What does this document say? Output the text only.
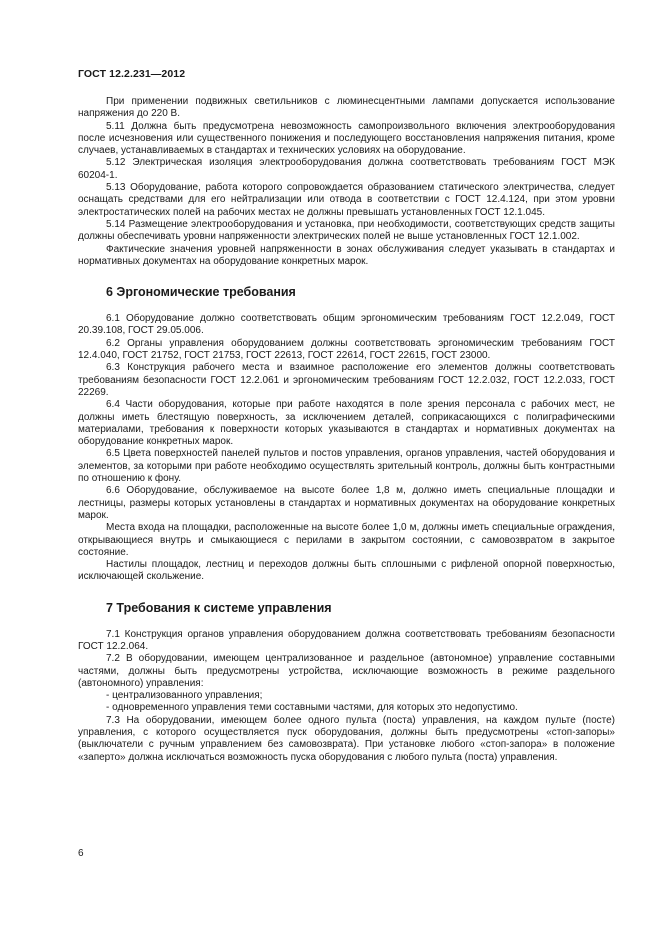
ГОСТ 12.2.231—2012

При применении подвижных светильников с люминесцентными лампами допускается использование напряжения до 220 В.

5.11 Должна быть предусмотрена невозможность самопроизвольного включения электрооборудования после исчезновения или существенного понижения и последующего восстановления напряжения питания, кроме случаев, устанавливаемых в стандартах и технических условиях на оборудование.

5.12 Электрическая изоляция электрооборудования должна соответствовать требованиям ГОСТ МЭК 60204-1.

5.13 Оборудование, работа которого сопровождается образованием статического электричества, следует оснащать средствами для его нейтрализации или отвода в соответствии с ГОСТ 12.4.124, при этом уровни электростатических полей на рабочих местах не должны превышать установленных ГОСТ 12.1.045.

5.14 Размещение электрооборудования и установка, при необходимости, соответствующих средств защиты должны обеспечивать уровни напряженности электрических полей не выше установленных ГОСТ 12.1.002.

Фактические значения уровней напряженности в зонах обслуживания следует указывать в стандартах и нормативных документах на оборудование конкретных марок.

6 Эргономические требования

6.1 Оборудование должно соответствовать общим эргономическим требованиям ГОСТ 12.2.049, ГОСТ 20.39.108, ГОСТ 29.05.006.

6.2 Органы управления оборудованием должны соответствовать эргономическим требованиям ГОСТ 12.4.040, ГОСТ 21752, ГОСТ 21753, ГОСТ 22613, ГОСТ 22614, ГОСТ 22615, ГОСТ 23000.

6.3 Конструкция рабочего места и взаимное расположение его элементов должны соответствовать требованиям безопасности ГОСТ 12.2.061 и эргономическим требованиям ГОСТ 12.2.032, ГОСТ 12.2.033, ГОСТ 22269.

6.4 Части оборудования, которые при работе находятся в поле зрения персонала с рабочих мест, не должны иметь блестящую поверхность, за исключением деталей, соприкасающихся с полиграфическими материалами, требования к поверхности которых указываются в стандартах и нормативных документах на оборудование конкретных марок.

6.5 Цвета поверхностей панелей пультов и постов управления, органов управления, частей оборудования и элементов, за которыми при работе необходимо осуществлять зрительный контроль, должны быть контрастными по отношению к фону.

6.6 Оборудование, обслуживаемое на высоте более 1,8 м, должно иметь специальные площадки и лестницы, размеры которых установлены в стандартах и нормативных документах на оборудование конкретных марок.

Места входа на площадки, расположенные на высоте более 1,0 м, должны иметь специальные ограждения, открывающиеся внутрь и смыкающиеся с перилами в закрытом состоянии, с самовозвратом в закрытое состояние.

Настилы площадок, лестниц и переходов должны быть сплошными с рифленой опорной поверхностью, исключающей скольжение.

7 Требования к системе управления

7.1 Конструкция органов управления оборудованием должна соответствовать требованиям безопасности ГОСТ 12.2.064.

7.2 В оборудовании, имеющем централизованное и раздельное (автономное) управление составными частями, должны быть предусмотрены устройства, исключающие возможность в режиме раздельного (автономного) управления:

- централизованного управления;

- одновременного управления теми составными частями, для которых это недопустимо.

7.3 На оборудовании, имеющем более одного пульта (поста) управления, на каждом пульте (посте) управления, с которого осуществляется пуск оборудования, должны быть предусмотрены «стоп-запоры» (выключатели с ручным управлением без самовозврата). При установке любого «стоп-запора» в положение «заперто» должна исключаться возможность пуска оборудования с любого пульта (поста) управления.

6
